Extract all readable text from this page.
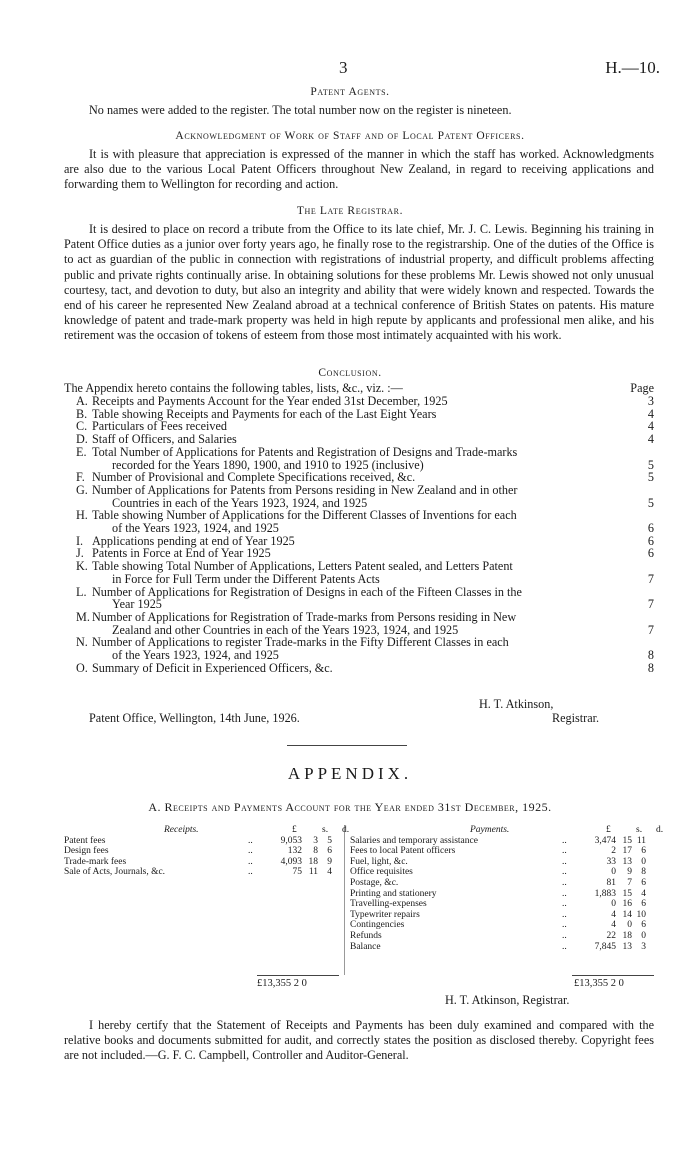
3	H.—10.
Patent Agents.
No names were added to the register. The total number now on the register is nineteen.
Acknowledgment of Work of Staff and of Local Patent Officers.
It is with pleasure that appreciation is expressed of the manner in which the staff has worked. Acknowledgments are also due to the various Local Patent Officers throughout New Zealand, in regard to receiving applications and forwarding them to Wellington for recording and action.
The Late Registrar.
It is desired to place on record a tribute from the Office to its late chief, Mr. J. C. Lewis. Beginning his training in Patent Office duties as a junior over forty years ago, he finally rose to the registrarship. One of the duties of the Office is to act as guardian of the public in connection with registrations of industrial property, and difficult problems affecting public and private rights continually arise. In obtaining solutions for these problems Mr. Lewis showed not only unusual courtesy, tact, and devotion to duty, but also an integrity and ability that were widely known and respected. Towards the end of his career he represented New Zealand abroad at a technical conference of British States on patents. His mature knowledge of patent and trade-mark property was held in high repute by applicants and professional men alike, and his retirement was the occasion of tokens of esteem from those most intimately acquainted with his work.
Conclusion.
The Appendix hereto contains the following tables, lists, &c., viz. :—	Page
A. Receipts and Payments Account for the Year ended 31st December, 1925	3
B. Table showing Receipts and Payments for each of the Last Eight Years	4
C. Particulars of Fees received	4
D. Staff of Officers, and Salaries	4
E. Total Number of Applications for Patents and Registration of Designs and Trade-marks
recorded for the Years 1890, 1900, and 1910 to 1925 (inclusive)	5
F. Number of Provisional and Complete Specifications received, &c.	5
G. Number of Applications for Patents from Persons residing in New Zealand and in other
Countries in each of the Years 1923, 1924, and 1925	5
H. Table showing Number of Applications for the Different Classes of Inventions for each
of the Years 1923, 1924, and 1925	6
I. Applications pending at end of Year 1925	6
J. Patents in Force at End of Year 1925	6
K. Table showing Total Number of Applications, Letters Patent sealed, and Letters Patent
in Force for Full Term under the Different Patents Acts	7
L. Number of Applications for Registration of Designs in each of the Fifteen Classes in the
Year 1925	7
M. Number of Applications for Registration of Trade-marks from Persons residing in New
Zealand and other Countries in each of the Years 1923, 1924, and 1925	7
N. Number of Applications to register Trade-marks in the Fifty Different Classes in each
of the Years 1923, 1924, and 1925	8
O. Summary of Deficit in Experienced Officers, &c.	8
H. T. Atkinson,
Patent Office, Wellington, 14th June, 1926.	Registrar.
APPENDIX.
A. Receipts and Payments Account for the Year ended 31st December, 1925.
Receipts.	£	s. d.
Patent fees	..	9,053	3 5
Design fees	..	132	8 6
Trade-mark fees	..	4,093 18 9
Sale of Acts, Journals, &c.	..	75 11 4
Payments.	£	s. d.
Salaries and temporary assistance	..	3,474 15 11
Fees to local Patent officers	..	2 17 6
Fuel, light, &c.	..	33 13 0
Office requisites	..	0	9 8
Postage, &c.	..	81	7 6
Printing and stationery	..	1,883 15 4
Travelling-expenses	..	0 16 6
Typewriter repairs	..	4 14 10
Contingencies	..	4	0 6
Refunds	..	22 18 0
Balance	..	7,845 13 3
£13,355 2 0	£13,355 2 0
H. T. Atkinson, Registrar.
I hereby certify that the Statement of Receipts and Payments has been duly examined and compared with the relative books and documents submitted for audit, and correctly states the position as disclosed thereby. Copyright fees are not included.—G. F. C. Campbell, Controller and Auditor-General.
